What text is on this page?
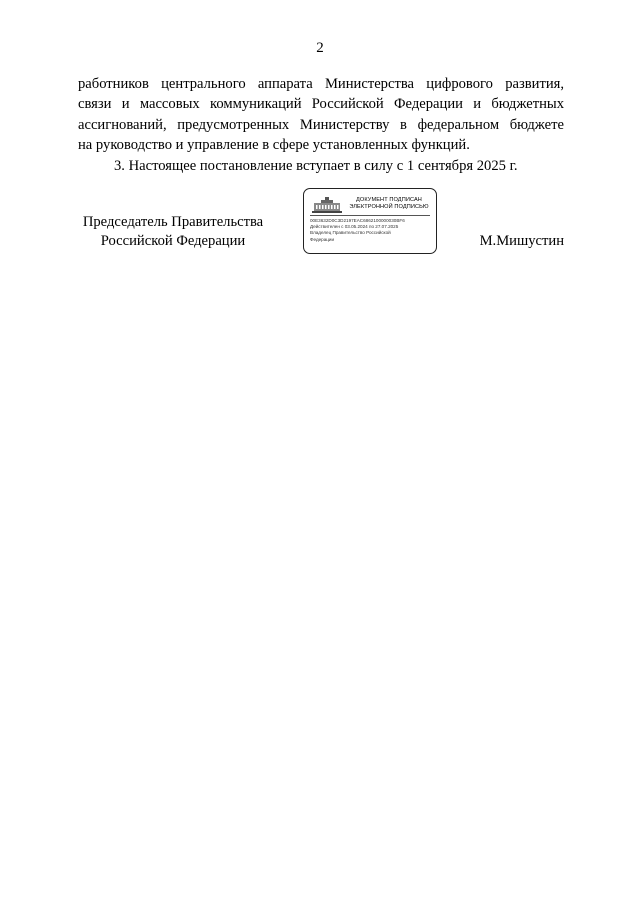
2

работников центрального аппарата Министерства цифрового развития,
связи и массовых коммуникаций Российской Федерации и бюджетных
ассигнований, предусмотренных Министерству в федеральном бюджете
на руководство и управление в сфере установленных функций.

3. Настоящее постановление вступает в силу с 1 сентября 2025 г.

Председатель Правительства
Российской Федерации
ДОКУМЕНТ ПОДПИСАН
ЭЛЕКТРОННОЙ ПОДПИСЬЮ
00E3632D0C3D2197EAC6862100000030BF6
Действителен с 03.05.2024 по 27.07.2025
Владелец Правительство Российской
Федерации	М.Мишустин
